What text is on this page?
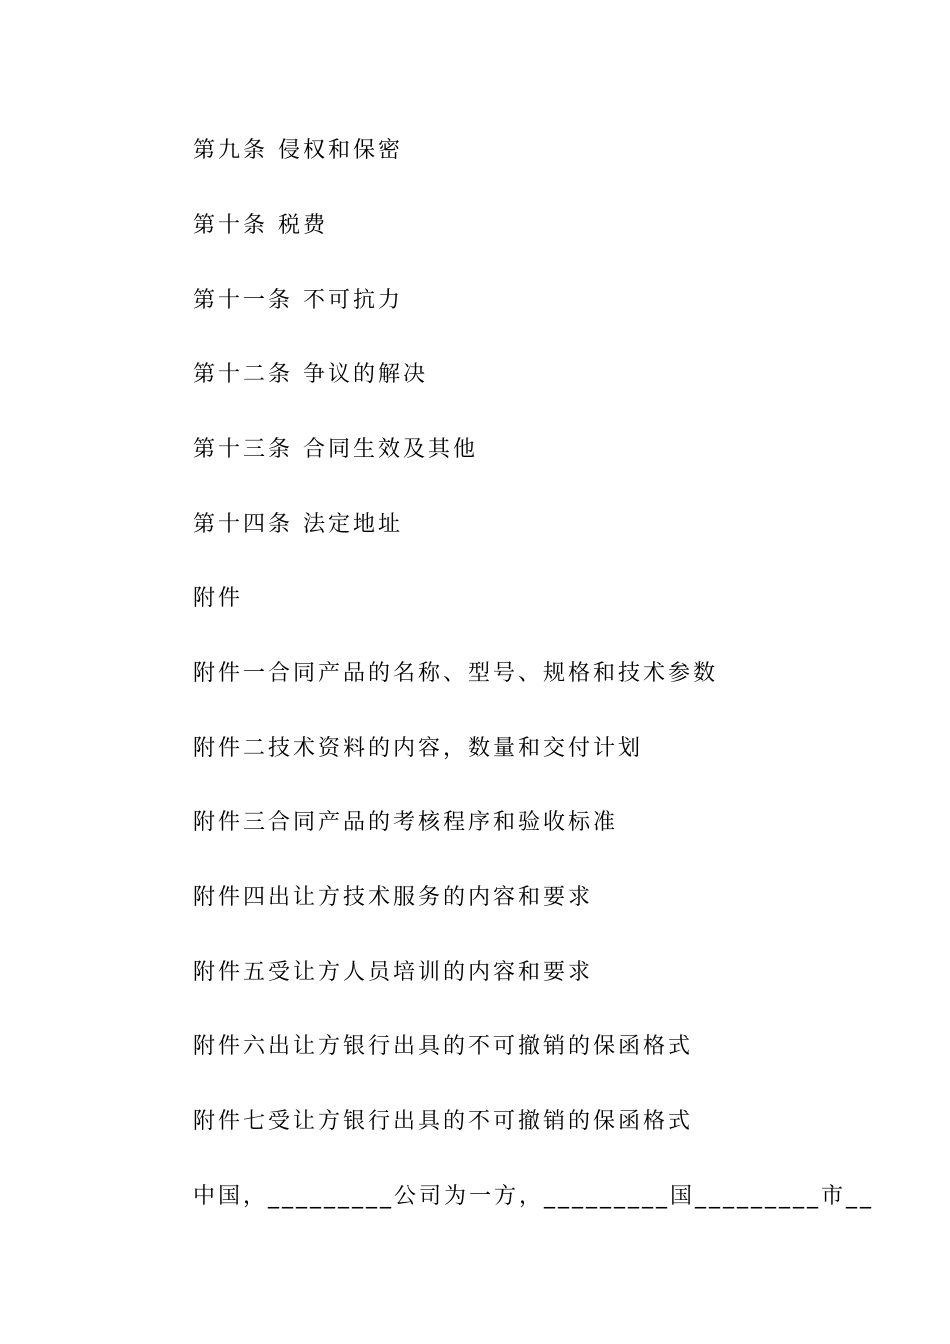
第九条 侵权和保密
第十条 税费
第十一条 不可抗力
第十二条 争议的解决
第十三条 合同生效及其他
第十四条 法定地址
附件
附件一合同产品的名称、型号、规格和技术参数
附件二技术资料的内容，数量和交付计划
附件三合同产品的考核程序和验收标准
附件四出让方技术服务的内容和要求
附件五受让方人员培训的内容和要求
附件六出让方银行出具的不可撤销的保函格式
附件七受让方银行出具的不可撤销的保函格式
中国，_________公司为一方，_________国_________市__
